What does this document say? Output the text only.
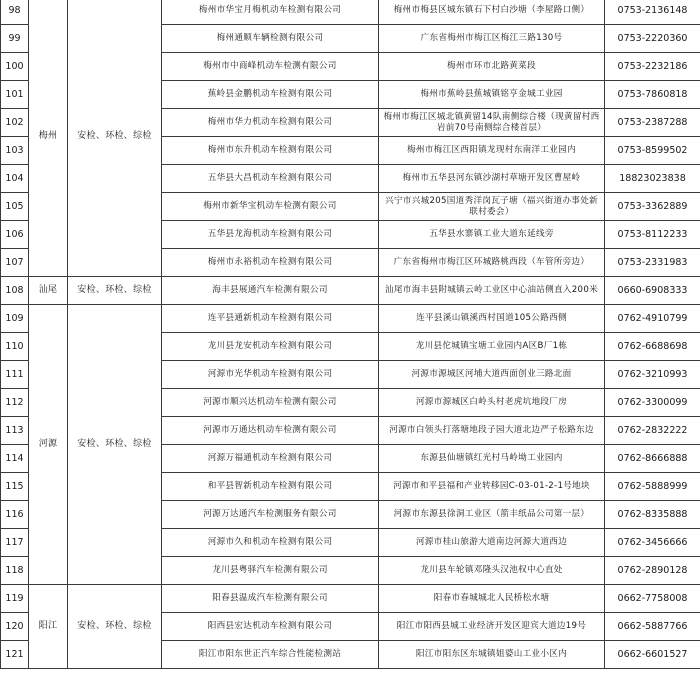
98	梅州	安检、环检、综检	梅州市华宝月梅机动车检测有限公司	梅州市梅县区城东镇石下村白沙塘（李屋路口侧）	0753-2136148
99			梅州通顺车辆检测有限公司	广东省梅州市梅江区梅江三路130号	0753-2220360
100			梅州市中商峰机动车检测有限公司	梅州市环市北路黄菜段	0753-2232186
101			蕉岭县金鹏机动车检测有限公司	梅州市蕉岭县蕉城镇铭亨金城工业园	0753-7860818
102			梅州市华力机动车检测有限公司	梅州市梅江区城北镇黄留14队南侧综合楼（现黄留村西岩前70号南侧综合楼首层）	0753-2387288
103			梅州市东升机动车检测有限公司	梅州市梅江区西阳镇龙现村东南洋工业园内	0753-8599502
104			五华县大昌机动车检测有限公司	梅州市五华县河东镇沙湖村草塘开发区曹屋岭	18823023838
105			梅州市新华宝机动车检测有限公司	兴宁市兴城205国道秀洋岗瓦子塘（福兴街道办事处新联村委会）	0753-3362889
106			五华县龙海机动车检测有限公司	五华县水寨镇工业大道东延线旁	0753-8112233
107			梅州市永裕机动车检测有限公司	广东省梅州市梅江区环城路桃西段（车管所旁边）	0753-2331983
108	汕尾	安检、环检、综检	海丰县展通汽车检测有限公司	汕尾市海丰县附城镇云岭工业区中心油站侧直入200米	0660-6908333
109	河源	安检、环检、综检	连平县通新机动车检测有限公司	连平县溪山镇溪西村国道105公路西侧	0762-4910799
110			龙川县龙安机动车检测有限公司	龙川县佗城镇宝塘工业园内A区B厂1栋	0762-6688698
111			河源市光华机动车检测有限公司	河源市源城区河埔大道西面创业三路北面	0762-3210993
112			河源市顺兴达机动车检测有限公司	河源市源城区白岭头村老虎坑地段厂房	0762-3300099
113			河源市万通达机动车检测有限公司	河源市白领头打落塘地段子园大道北边严子松路东边	0762-2832222
114			河源万福通机动车检测有限公司	东源县仙塘镇红光村马岭坳工业园内	0762-8666888
115			和平县智新机动车检测有限公司	河源市和平县福和产业转移园C-03-01-2-1号地块	0762-5888999
116			河源万达通汽车检测服务有限公司	河源市东源县徐洞工业区（箭丰纸品公司第一层）	0762-8335888
117			河源市久和机动车检测有限公司	河源市桂山旅游大道南边河源大道西边	0762-3456666
118			龙川县粤驿汽车检测有限公司	龙川县车轮镇邓隆头汉池权中心直处	0762-2890128
119	阳江	安检、环检、综检	阳春县温成汽车检测有限公司	阳春市春城城北人民桥松水塘	0662-7758008
120			阳西县宏达机动车检测有限公司	阳江市阳西县城工业经济开发区迎宾大道边19号	0662-5887766
121			阳江市阳东世正汽车综合性能检测站	阳江市阳东区东城镇姐婆山工业小区内	0662-6601527
